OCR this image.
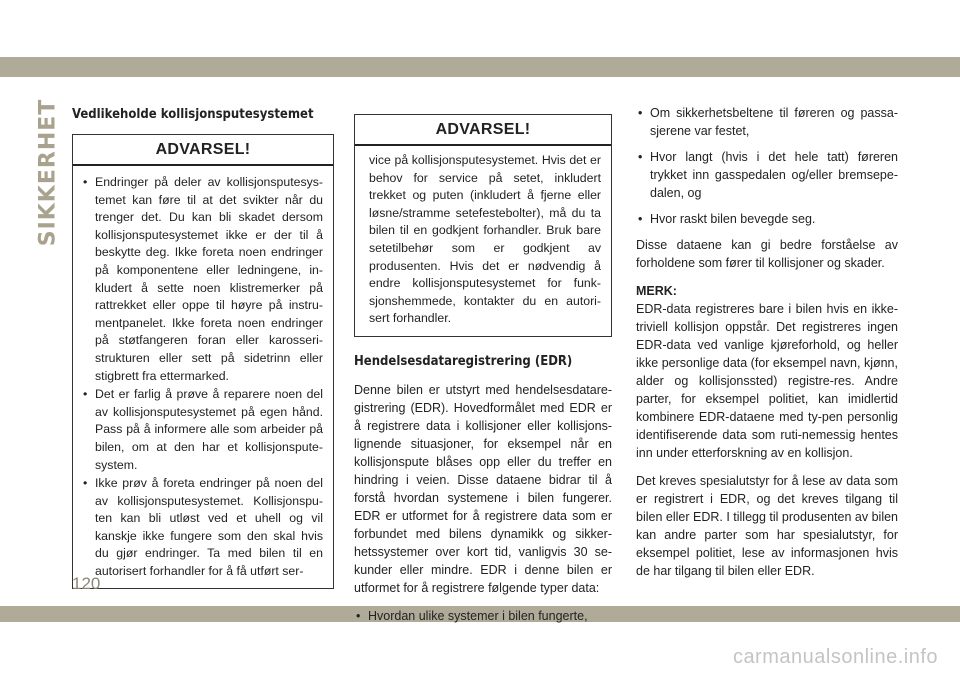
SIKKERHET Vedlikeholde kollisjonsputesystemet
ADVARSEL!
• Endringer på deler av kollisjonsputesys-temet kan føre til at det svikter når du trenger det. Du kan bli skadet dersom kollisjonsputesystemet ikke er der til å beskytte deg. Ikke foreta noen endringer på komponentene eller ledningene, in-kludert å sette noen klistremerker på rattrekket eller oppe til høyre på instru-mentpanelet. Ikke foreta noen endringer på støtfangeren foran eller karosseri-strukturen eller sett på sidetrinn eller stigbrett fra ettermarked.
• Det er farlig å prøve å reparere noen del av kollisjonsputesystemet på egen hånd. Pass på å informere alle som arbeider på bilen, om at den har et kollisjonspute-system.
• Ikke prøv å foreta endringer på noen del av kollisjonsputesystemet. Kollisjonspu-ten kan bli utløst ved et uhell og vil kanskje ikke fungere som den skal hvis du gjør endringer. Ta med bilen til en autorisert forhandler for å få utført ser-
ADVARSEL!
vice på kollisjonsputesystemet. Hvis det er behov for service på setet, inkludert trekket og puten (inkludert å fjerne eller løsne/stramme setefestebolter), må du ta bilen til en godkjent forhandler. Bruk bare setetilbehør som er godkjent av produsenten. Hvis det er nødvendig å endre kollisjonsputesystemet for funk-sjonshemmede, kontakter du en autori-sert forhandler.
Hendelsesdataregistrering (EDR)

Denne bilen er utstyrt med hendelsesdatare-gistrering (EDR). Hovedformålet med EDR er å registrere data i kollisjoner eller kollisjons-lignende situasjoner, for eksempel når en kollisjonspute blåses opp eller du treffer en hindring i veien. Disse dataene bidrar til å forstå hvordan systemene i bilen fungerer. EDR er utformet for å registrere data som er forbundet med bilens dynamikk og sikker-hetssystemer over kort tid, vanligvis 30 se-kunder eller mindre. EDR i denne bilen er utformet for å registrere følgende typer data:

• Hvordan ulike systemer i bilen fungerte,
• Om sikkerhetsbeltene til føreren og passa-sjerene var festet,
• Hvor langt (hvis i det hele tatt) føreren trykket inn gasspedalen og/eller bremsepe-dalen, og
• Hvor raskt bilen bevegde seg.

Disse dataene kan gi bedre forståelse av forholdene som fører til kollisjoner og skader.

MERK:

EDR-data registreres bare i bilen hvis en ikke-triviell kollisjon oppstår. Det registreres ingen EDR-data ved vanlige kjøreforhold, og heller ikke personlige data (for eksempel navn, kjønn, alder og kollisjonssted) registre-res. Andre parter, for eksempel politiet, kan imidlertid kombinere EDR-dataene med ty-pen personlig identifiserende data som ruti-nemessig hentes inn under etterforskning av en kollisjon.

Det kreves spesialutstyr for å lese av data som er registrert i EDR, og det kreves tilgang til bilen eller EDR. I tillegg til produsenten av bilen kan andre parter som har spesialutstyr, for eksempel politiet, lese av informasjonen hvis de har tilgang til bilen eller EDR.

120
carmanualsonline.info
